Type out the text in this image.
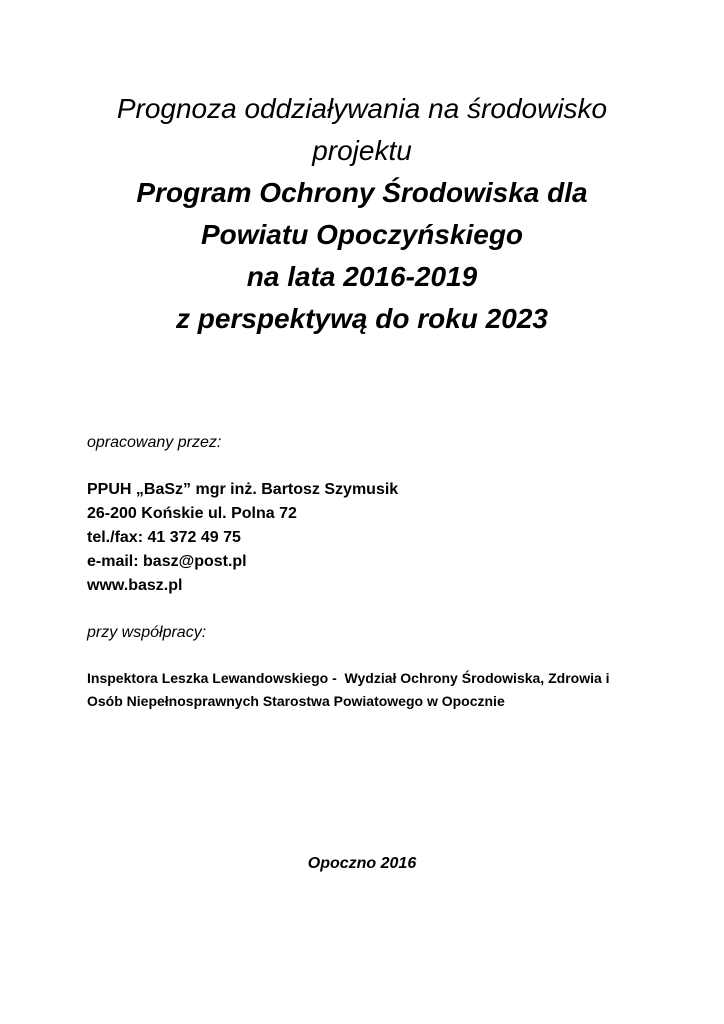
Prognoza oddziaływania na środowisko
projektu
Program Ochrony Środowiska dla
Powiatu Opoczyńskiego
na lata 2016-2019
z perspektywą do roku 2023

opracowany przez:

PPUH „BaSz” mgr inż. Bartosz Szymusik
26-200 Końskie ul. Polna 72
tel./fax: 41 372 49 75
e-mail: basz@post.pl
www.basz.pl

przy współpracy:

Inspektora Leszka Lewandowskiego -  Wydział Ochrony Środowiska, Zdrowia i
Osób Niepełnosprawnych Starostwa Powiatowego w Opocznie

Opoczno 2016
